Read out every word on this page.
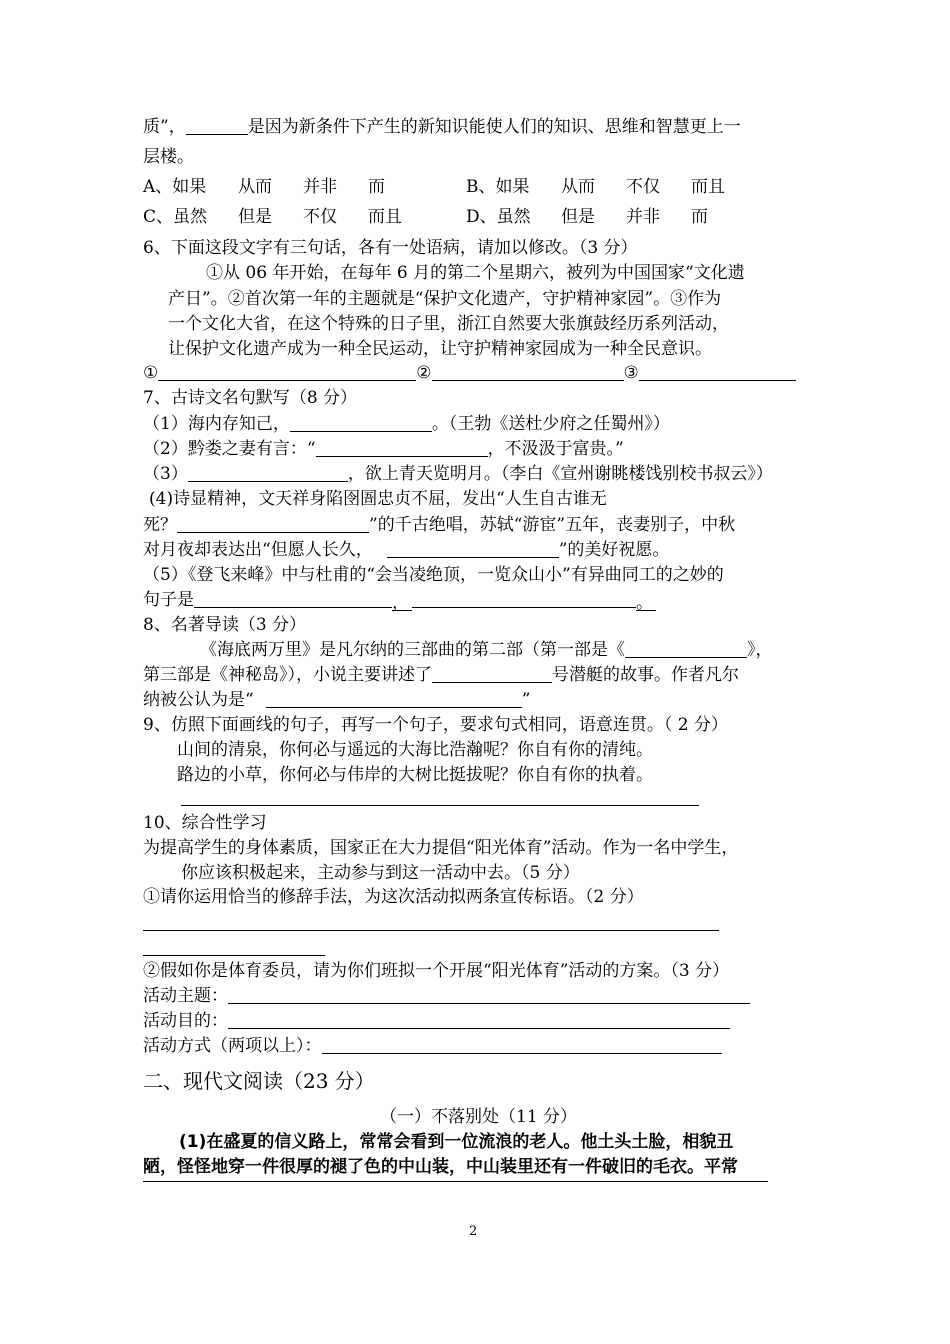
质”，	是因为新条件下产生的新知识能使人们的知识、思维和智慧更上一
层楼。
A、如果 从而 并非 而	B、如果 从而 不仅 而且
C、虽然 但是 不仅 而且	D、虽然 但是 并非 而
6、下面这段文字有三句话，各有一处语病，请加以修改。（3 分）
①从 06 年开始，在每年 6 月的第二个星期六，被列为中国国家“文化遗
产日”。②首次第一年的主题就是“保护文化遗产，守护精神家园”。③作为
一个文化大省，在这个特殊的日子里，浙江自然要大张旗鼓经历系列活动，
让保护文化遗产成为一种全民运动，让守护精神家园成为一种全民意识。
①	②	③
7、古诗文名句默写（8 分）
（1）海内存知己，	。（王勃《送杜少府之任蜀州》）
（2）黔娄之妻有言：“	，不汲汲于富贵。”
（3）	，欲上青天览明月。（李白《宣州谢眺楼饯别校书叔云》）
(4)诗显精神，文天祥身陷囹圄忠贞不屈，发出“人生自古谁无
死？	”的千古绝唱，苏轼“游宦”五年，丧妻别子，中秋
对月夜却表达出“但愿人长久，	”的美好祝愿。
（5）《登飞来峰》中与杜甫的“会当凌绝顶，一览众山小”有异曲同工的之妙的
句子是	，	。
8、名著导读（3 分）
《海底两万里》是凡尔纳的三部曲的第二部（第一部是《	》，
第三部是《神秘岛》），小说主要讲述了	号潜艇的故事。作者凡尔
纳被公认为是“	”
9、仿照下面画线的句子，再写一个句子，要求句式相同，语意连贯。（ 2 分）
山间的清泉，你何必与遥远的大海比浩瀚呢？你自有你的清纯。
路边的小草，你何必与伟岸的大树比挺拔呢？你自有你的执着。
10、综合性学习
为提高学生的身体素质，国家正在大力提倡“阳光体育”活动。作为一名中学生，
你应该积极起来，主动参与到这一活动中去。（5 分）
①请你运用恰当的修辞手法，为这次活动拟两条宣传标语。（2 分）
②假如你是体育委员，请为你们班拟一个开展“阳光体育”活动的方案。（3 分）
活动主题：
活动目的：
活动方式（两项以上）：
二、现代文阅读（23 分）
（一）不落别处（11 分）
(1)在盛夏的信义路上，常常会看到一位流浪的老人。他土头土脸，相貌丑
陋，怪怪地穿一件很厚的褪了色的中山装，中山装里还有一件破旧的毛衣。平常
2
